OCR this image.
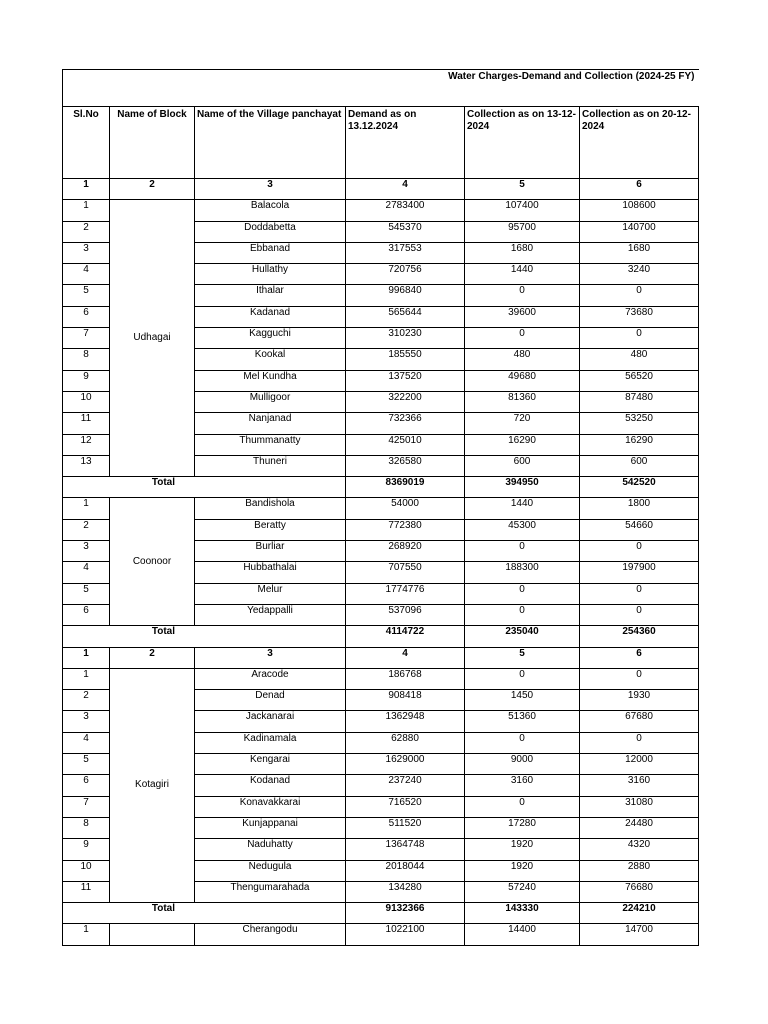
Water Charges-Demand and Collection (2024-25 FY)					
Sl.No	Name of Block	Name of the Village panchayat	Demand as on 13.12.2024	Collection as on 13-12-2024	Collection as on 20-12-2024
1	2	3	4	5	6
1	Udhagai	Balacola	2783400	107400	108600
2		Doddabetta	545370	95700	140700
3		Ebbanad	317553	1680	1680
4		Hullathy	720756	1440	3240
5		Ithalar	996840	0	0
6		Kadanad	565644	39600	73680
7		Kagguchi	310230	0	0
8		Kookal	185550	480	480
9		Mel Kundha	137520	49680	56520
10		Mulligoor	322200	81360	87480
11		Nanjanad	732366	720	53250
12		Thummanatty	425010	16290	16290
13		Thuneri	326580	600	600
Total			8369019	394950	542520
1	Coonoor	Bandishola	54000	1440	1800
2		Beratty	772380	45300	54660
3		Burliar	268920	0	0
4		Hubbathalai	707550	188300	197900
5		Melur	1774776	0	0
6		Yedappalli	537096	0	0
Total			4114722	235040	254360
1	2	3	4	5	6
1	Kotagiri	Aracode	186768	0	0
2		Denad	908418	1450	1930
3		Jackanarai	1362948	51360	67680
4		Kadinamala	62880	0	0
5		Kengarai	1629000	9000	12000
6		Kodanad	237240	3160	3160
7		Konavakkarai	716520	0	31080
8		Kunjappanai	511520	17280	24480
9		Naduhatty	1364748	1920	4320
10		Nedugula	2018044	1920	2880
11		Thengumarahada	134280	57240	76680
Total			9132366	143330	224210
1		Cherangodu	1022100	14400	14700
